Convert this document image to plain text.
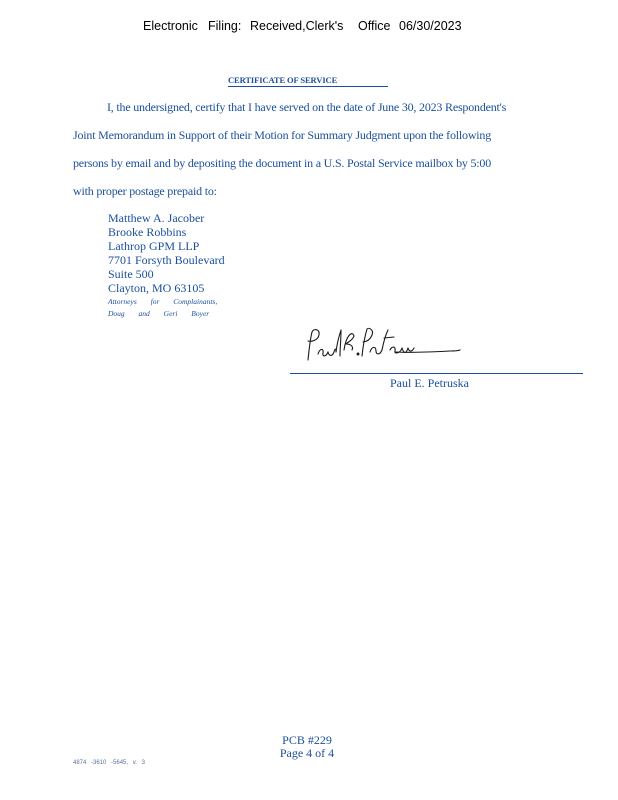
Electronic Filing: Received,Clerk's Office 06/30/2023
CERTIFICATE OF SERVICE
I, the undersigned, certify that I have served on the date of June 30, 2023 Respondent's
Joint Memorandum in Support of their Motion for Summary Judgment upon the following
persons by email and by depositing the document in a U.S. Postal Service mailbox by 5:00
with proper postage prepaid to:
Matthew A. Jacober
Brooke Robbins
Lathrop GPM LLP
7701 Forsyth Boulevard
Suite 500
Clayton, MO 63105
Attorneys for Complainants,
Doug and Geri Boyer
Paul E. Petruska
PCB #229
Page 4 of 4
4874 -3610 -5645, v. 3
